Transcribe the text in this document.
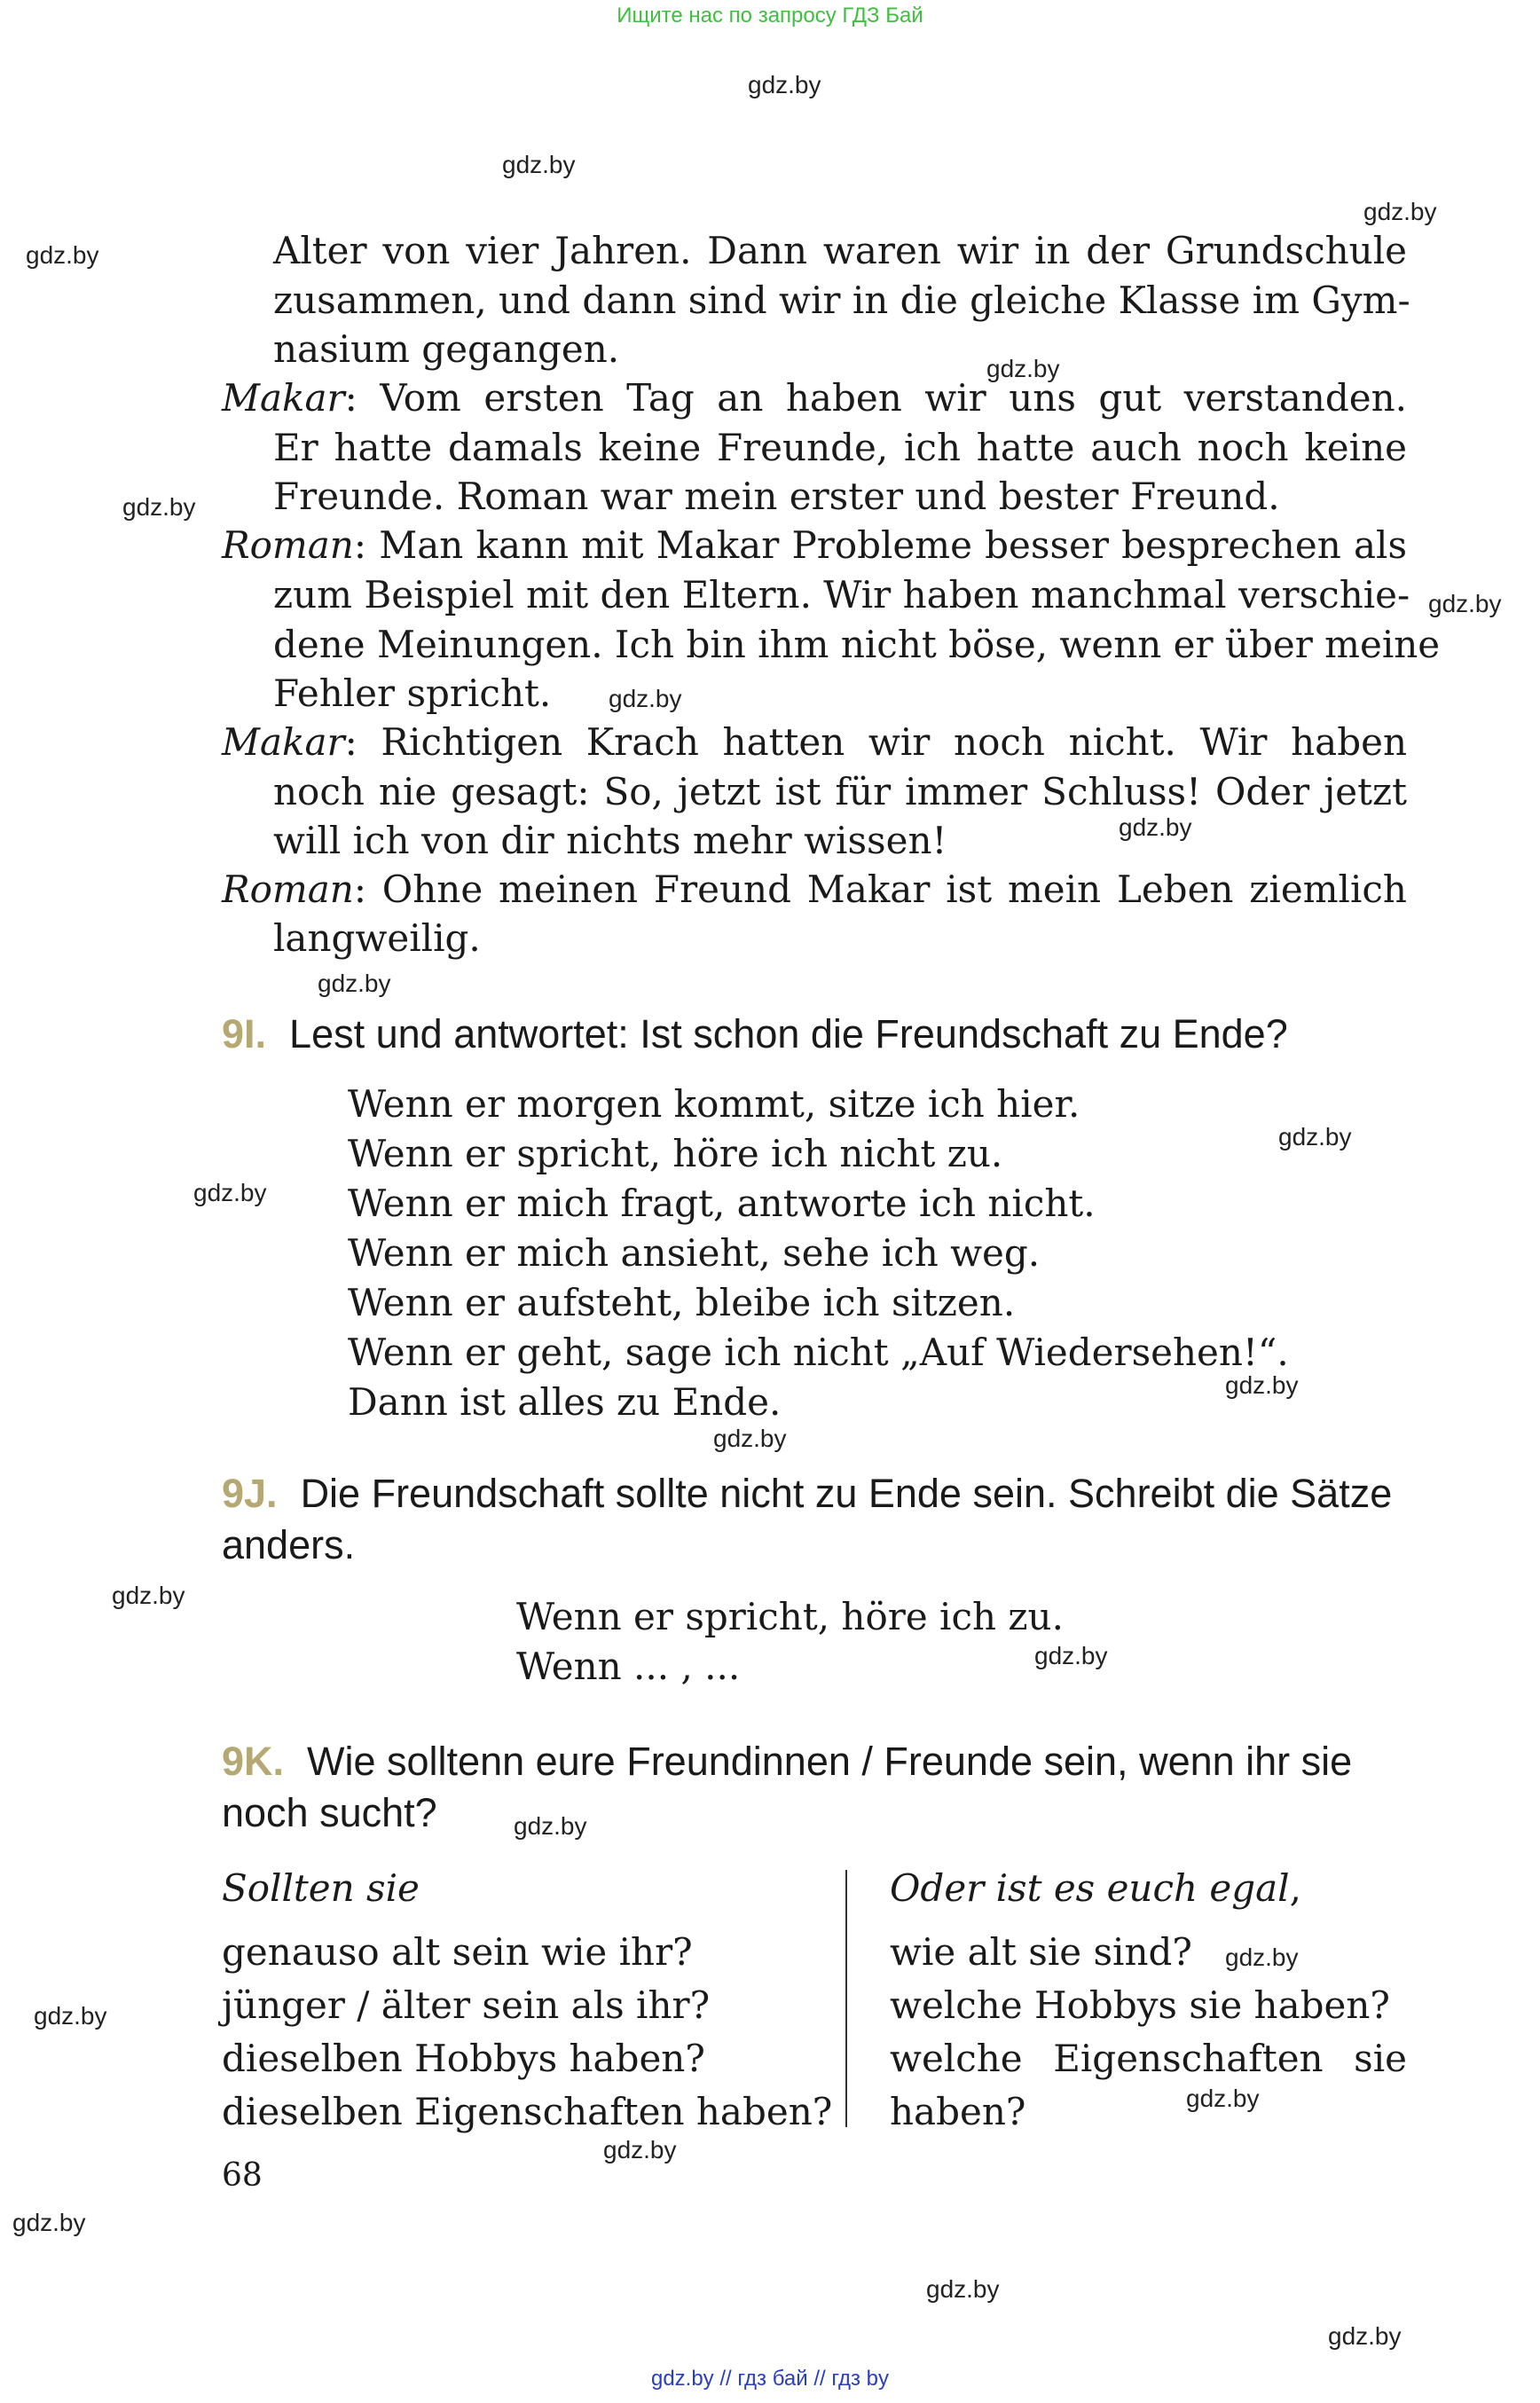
Ищите нас по запросу ГДЗ Бай
gdz.by
gdz.by
gdz.by
gdz.by
gdz.by
gdz.by
gdz.by
gdz.by
gdz.by
gdz.by
gdz.by
gdz.by
gdz.by
gdz.by
gdz.by
gdz.by
gdz.by
gdz.by
gdz.by
gdz.by
gdz.by
gdz.by
gdz.by
gdz.by
Alter von vier Jahren. Dann waren wir in der Grundschule
zusammen, und dann sind wir in die gleiche Klasse im Gym-
nasium gegangen.
Makar: Vom ersten Tag an haben wir uns gut verstanden.
Er hatte damals keine Freunde, ich hatte auch noch keine
Freunde. Roman war mein erster und bester Freund.
Roman: Man kann mit Makar Probleme besser besprechen als
zum Beispiel mit den Eltern. Wir haben manchmal verschie-
dene Meinungen. Ich bin ihm nicht böse, wenn er über meine
Fehler spricht.
Makar: Richtigen Krach hatten wir noch nicht. Wir haben
noch nie gesagt: So, jetzt ist für immer Schluss! Oder jetzt
will ich von dir nichts mehr wissen!
Roman: Ohne meinen Freund Makar ist mein Leben ziemlich
langweilig.
9I. Lest und antwortet: Ist schon die Freundschaft zu Ende?
Wenn er morgen kommt, sitze ich hier.
Wenn er spricht, höre ich nicht zu.
Wenn er mich fragt, antworte ich nicht.
Wenn er mich ansieht, sehe ich weg.
Wenn er aufsteht, bleibe ich sitzen.
Wenn er geht, sage ich nicht „Auf Wiedersehen!“.
Dann ist alles zu Ende.
9J. Die Freundschaft sollte nicht zu Ende sein. Schreibt die Sätze
anders.
Wenn er spricht, höre ich zu.
Wenn ... , ...
9K. Wie solltenn eure Freundinnen / Freunde sein, wenn ihr sie
noch sucht?
Sollten sie
genauso alt sein wie ihr?
jünger / älter sein als ihr?
dieselben Hobbys haben?
dieselben Eigenschaften haben?
Oder ist es euch egal,
wie alt sie sind?
welche Hobbys sie haben?
welche Eigenschaften sie
haben?
68
gdz.by // гдз бай // гдз by
